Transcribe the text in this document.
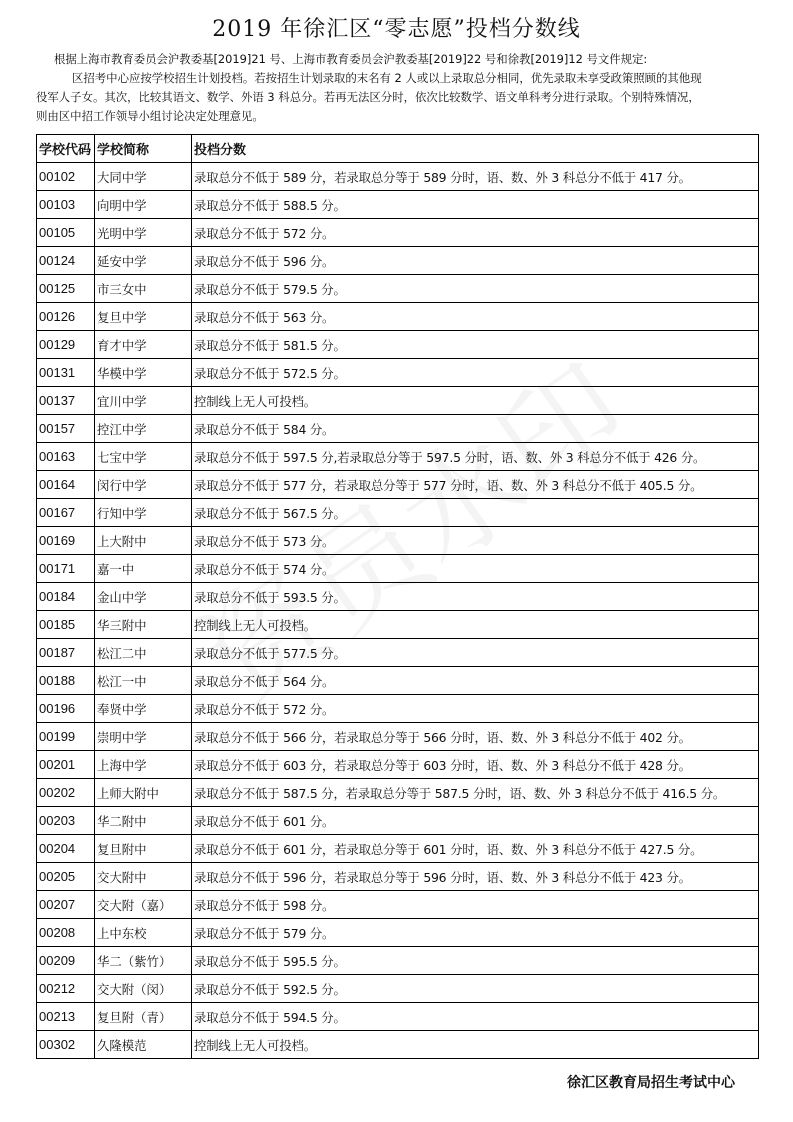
2019 年徐汇区“零志愿”投档分数线

根据上海市教育委员会沪教委基[2019]21 号、上海市教育委员会沪教委基[2019]22 号和徐教[2019]12 号文件规定:

区招考中心应按学校招生计划投档。若按招生计划录取的末名有 2 人或以上录取总分相同，优先录取未享受政策照顾的其他现

役军人子女。其次，比较其语文、数学、外语 3 科总分。若再无法区分时，依次比较数学、语文单科考分进行录取。个别特殊情况，

则由区中招工作领导小组讨论决定处理意见。

学校代码	学校简称	投档分数
00102	大同中学	录取总分不低于 589 分，若录取总分等于 589 分时，语、数、外 3 科总分不低于 417 分。
00103	向明中学	录取总分不低于 588.5 分。
00105	光明中学	录取总分不低于 572 分。
00124	延安中学	录取总分不低于 596 分。
00125	市三女中	录取总分不低于 579.5 分。
00126	复旦中学	录取总分不低于 563 分。
00129	育才中学	录取总分不低于 581.5 分。
00131	华模中学	录取总分不低于 572.5 分。
00137	宜川中学	控制线上无人可投档。
00157	控江中学	录取总分不低于 584 分。
00163	七宝中学	录取总分不低于 597.5 分,若录取总分等于 597.5 分时，语、数、外 3 科总分不低于 426 分。
00164	闵行中学	录取总分不低于 577 分，若录取总分等于 577 分时，语、数、外 3 科总分不低于 405.5 分。
00167	行知中学	录取总分不低于 567.5 分。
00169	上大附中	录取总分不低于 573 分。
00171	嘉一中	录取总分不低于 574 分。
00184	金山中学	录取总分不低于 593.5 分。
00185	华三附中	控制线上无人可投档。
00187	松江二中	录取总分不低于 577.5 分。
00188	松江一中	录取总分不低于 564 分。
00196	奉贤中学	录取总分不低于 572 分。
00199	崇明中学	录取总分不低于 566 分，若录取总分等于 566 分时，语、数、外 3 科总分不低于 402 分。
00201	上海中学	录取总分不低于 603 分，若录取总分等于 603 分时，语、数、外 3 科总分不低于 428 分。
00202	上师大附中	录取总分不低于 587.5 分，若录取总分等于 587.5 分时，语、数、外 3 科总分不低于 416.5 分。
00203	华二附中	录取总分不低于 601 分。
00204	复旦附中	录取总分不低于 601 分，若录取总分等于 601 分时，语、数、外 3 科总分不低于 427.5 分。
00205	交大附中	录取总分不低于 596 分，若录取总分等于 596 分时，语、数、外 3 科总分不低于 423 分。
00207	交大附（嘉）	录取总分不低于 598 分。
00208	上中东校	录取总分不低于 579 分。
00209	华二（紫竹）	录取总分不低于 595.5 分。
00212	交大附（闵）	录取总分不低于 592.5 分。
00213	复旦附（青）	录取总分不低于 594.5 分。
00302	久隆模范	控制线上无人可投档。
徐汇区教育局招生考试中心
